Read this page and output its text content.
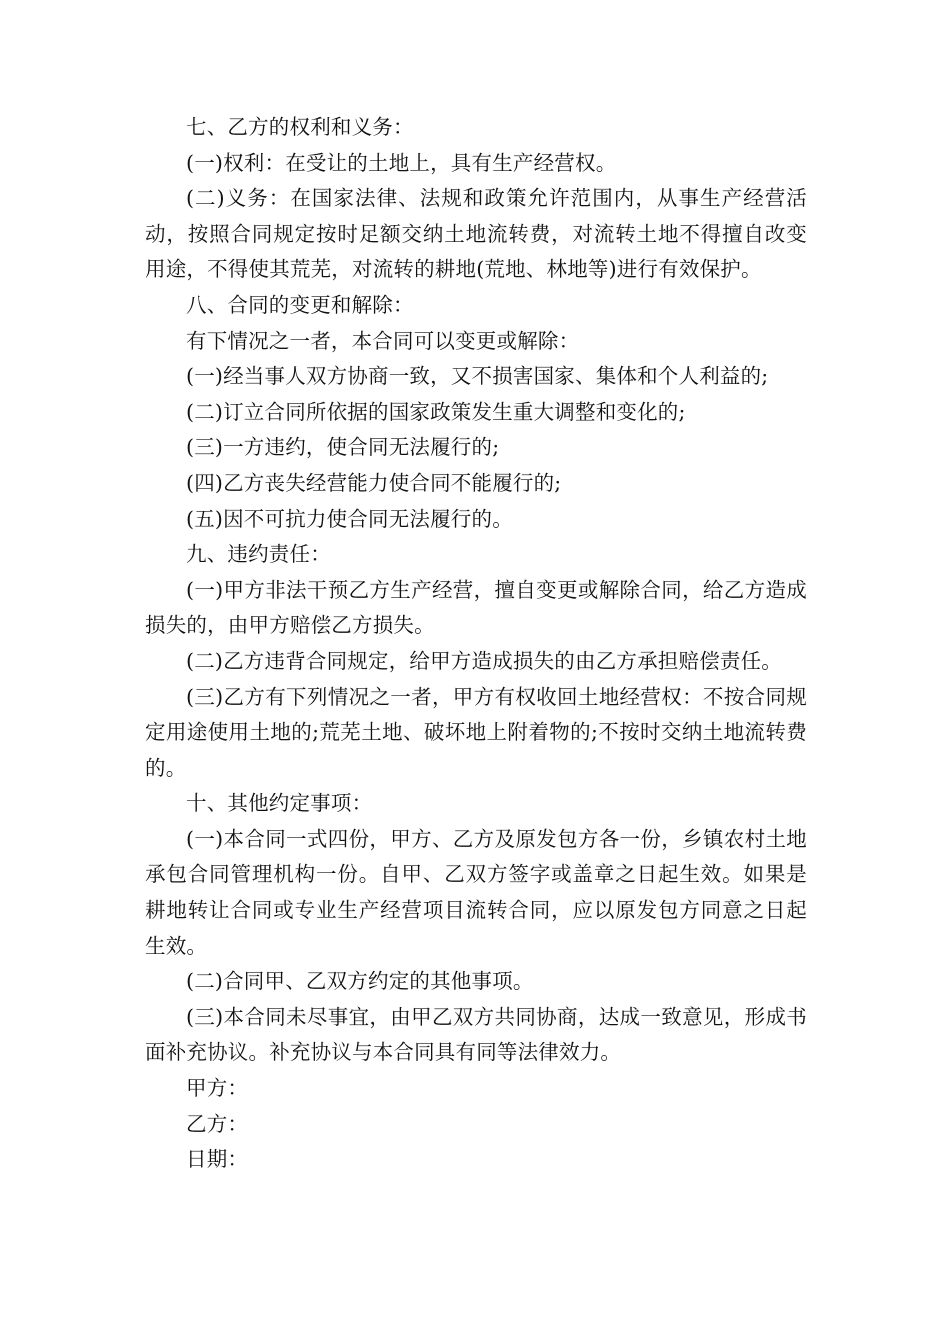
七、乙方的权利和义务：

(一)权利：在受让的土地上，具有生产经营权。

(二)义务：在国家法律、法规和政策允许范围内，从事生产经营活动，按照合同规定按时足额交纳土地流转费，对流转土地不得擅自改变用途，不得使其荒芜，对流转的耕地(荒地、林地等)进行有效保护。

八、合同的变更和解除：

有下情况之一者，本合同可以变更或解除：

(一)经当事人双方协商一致，又不损害国家、集体和个人利益的;

(二)订立合同所依据的国家政策发生重大调整和变化的;

(三)一方违约，使合同无法履行的;

(四)乙方丧失经营能力使合同不能履行的;

(五)因不可抗力使合同无法履行的。

九、违约责任：

(一)甲方非法干预乙方生产经营，擅自变更或解除合同，给乙方造成损失的，由甲方赔偿乙方损失。

(二)乙方违背合同规定，给甲方造成损失的由乙方承担赔偿责任。

(三)乙方有下列情况之一者，甲方有权收回土地经营权：不按合同规定用途使用土地的;荒芜土地、破坏地上附着物的;不按时交纳土地流转费的。

十、其他约定事项：

(一)本合同一式四份，甲方、乙方及原发包方各一份，乡镇农村土地承包合同管理机构一份。自甲、乙双方签字或盖章之日起生效。如果是耕地转让合同或专业生产经营项目流转合同，应以原发包方同意之日起生效。

(二)合同甲、乙双方约定的其他事项。

(三)本合同未尽事宜，由甲乙双方共同协商，达成一致意见，形成书面补充协议。补充协议与本合同具有同等法律效力。

甲方：

乙方：

日期：
